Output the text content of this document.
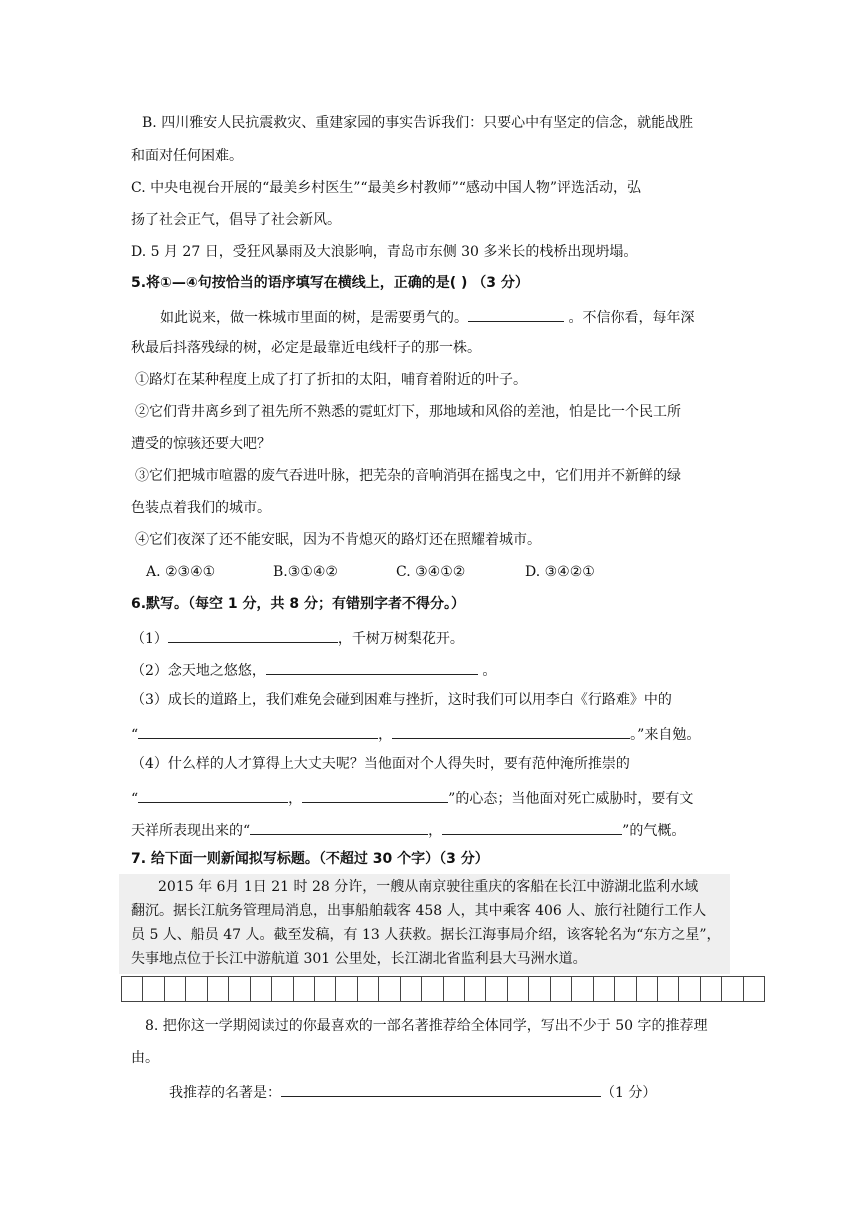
B. 四川雅安人民抗震救灾、重建家园的事实告诉我们：只要心中有坚定的信念，就能战胜
和面对任何困难。
C. 中央电视台开展的“最美乡村医生”“最美乡村教师”“感动中国人物”评选活动，弘
扬了社会正气，倡导了社会新风。
D. 5 月 27 日，受狂风暴雨及大浪影响，青岛市东侧 30 多米长的栈桥出现坍塌。
5.将①—④句按恰当的语序填写在横线上，正确的是( ) （3 分）
如此说来，做一株城市里面的树，是需要勇气的。	。不信你看，每年深
秋最后抖落残绿的树，必定是最靠近电线杆子的那一株。
①路灯在某种程度上成了打了折扣的太阳，哺育着附近的叶子。
②它们背井离乡到了祖先所不熟悉的霓虹灯下，那地域和风俗的差池，怕是比一个民工所
遭受的惊骇还要大吧？
③它们把城市喧嚣的废气吞进叶脉，把芜杂的音响消弭在摇曳之中，它们用并不新鲜的绿
色装点着我们的城市。
④它们夜深了还不能安眠，因为不肯熄灭的路灯还在照耀着城市。
A. ②③④①	B.③①④②	C. ③④①②	D. ③④②①
6.默写。（每空 1 分，共 8 分；有错别字者不得分。）
（1）	，千树万树梨花开。
（2）念天地之悠悠，	。
（3）成长的道路上，我们难免会碰到困难与挫折，这时我们可以用李白《行路难》中的
“	，	。”来自勉。
（4）什么样的人才算得上大丈夫呢？当他面对个人得失时，要有范仲淹所推崇的
“	，	”的心态；当他面对死亡威胁时，要有文
天祥所表现出来的“	，	”的气概。
7. 给下面一则新闻拟写标题。（不超过 30 个字）（3 分）
2015 年 6月 1日 21 时 28 分许，一艘从南京驶往重庆的客船在长江中游湖北监利水域
翻沉。据长江航务管理局消息，出事船舶载客 458 人，其中乘客 406 人、旅行社随行工作人
员 5 人、船员 47 人。截至发稿，有 13 人获救。据长江海事局介绍，该客轮名为“东方之星”，
失事地点位于长江中游航道 301 公里处，长江湖北省监利县大马洲水道。
8. 把你这一学期阅读过的你最喜欢的一部名著推荐给全体同学，写出不少于 50 字的推荐理
由。
我推荐的名著是：	（1 分）
